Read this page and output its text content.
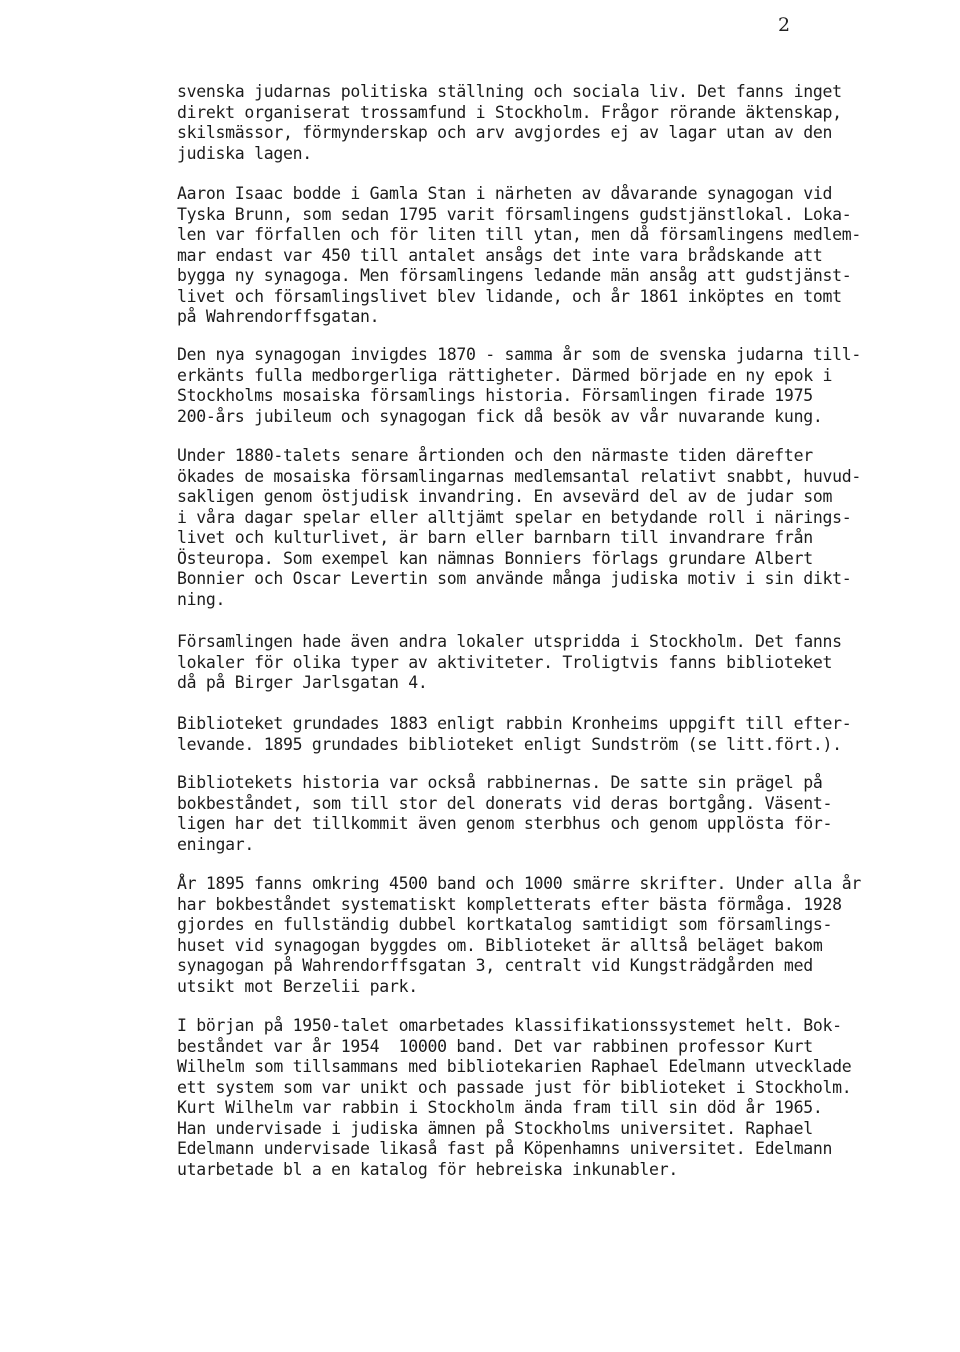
2
svenska judarnas politiska ställning och sociala liv. Det fanns inget
direkt organiserat trossamfund i Stockholm. Frågor rörande äktenskap,
skilsmässor, förmynderskap och arv avgjordes ej av lagar utan av den
judiska lagen.
Aaron Isaac bodde i Gamla Stan i närheten av dåvarande synagogan vid
Tyska Brunn, som sedan 1795 varit församlingens gudstjänstlokal. Loka-
len var förfallen och för liten till ytan, men då församlingens medlem-
mar endast var 450 till antalet ansågs det inte vara brådskande att
bygga ny synagoga. Men församlingens ledande män ansåg att gudstjänst-
livet och församlingslivet blev lidande, och år 1861 inköptes en tomt
på Wahrendorffsgatan.
Den nya synagogan invigdes 1870 - samma år som de svenska judarna till-
erkänts fulla medborgerliga rättigheter. Därmed började en ny epok i
Stockholms mosaiska församlings historia. Församlingen firade 1975
200-års jubileum och synagogan fick då besök av vår nuvarande kung.
Under 1880-talets senare årtionden och den närmaste tiden därefter
ökades de mosaiska församlingarnas medlemsantal relativt snabbt, huvud-
sakligen genom östjudisk invandring. En avsevärd del av de judar som
i våra dagar spelar eller alltjämt spelar en betydande roll i närings-
livet och kulturlivet, är barn eller barnbarn till invandrare från
Östeuropa. Som exempel kan nämnas Bonniers förlags grundare Albert
Bonnier och Oscar Levertin som använde många judiska motiv i sin dikt-
ning.
Församlingen hade även andra lokaler utspridda i Stockholm. Det fanns
lokaler för olika typer av aktiviteter. Troligtvis fanns biblioteket
då på Birger Jarlsgatan 4.
Biblioteket grundades 1883 enligt rabbin Kronheims uppgift till efter-
levande. 1895 grundades biblioteket enligt Sundström (se litt.fört.).
Bibliotekets historia var också rabbinernas. De satte sin prägel på
bokbeståndet, som till stor del donerats vid deras bortgång. Väsent-
ligen har det tillkommit även genom sterbhus och genom upplösta för-
eningar.
År 1895 fanns omkring 4500 band och 1000 smärre skrifter. Under alla år
har bokbeståndet systematiskt kompletterats efter bästa förmåga. 1928
gjordes en fullständig dubbel kortkatalog samtidigt som församlings-
huset vid synagogan byggdes om. Biblioteket är alltså beläget bakom
synagogan på Wahrendorffsgatan 3, centralt vid Kungsträdgården med
utsikt mot Berzelii park.
I början på 1950-talet omarbetades klassifikationssystemet helt. Bok-
beståndet var år 1954  10000 band. Det var rabbinen professor Kurt
Wilhelm som tillsammans med bibliotekarien Raphael Edelmann utvecklade
ett system som var unikt och passade just för biblioteket i Stockholm.
Kurt Wilhelm var rabbin i Stockholm ända fram till sin död år 1965.
Han undervisade i judiska ämnen på Stockholms universitet. Raphael
Edelmann undervisade likaså fast på Köpenhamns universitet. Edelmann
utarbetade bl a en katalog för hebreiska inkunabler.
